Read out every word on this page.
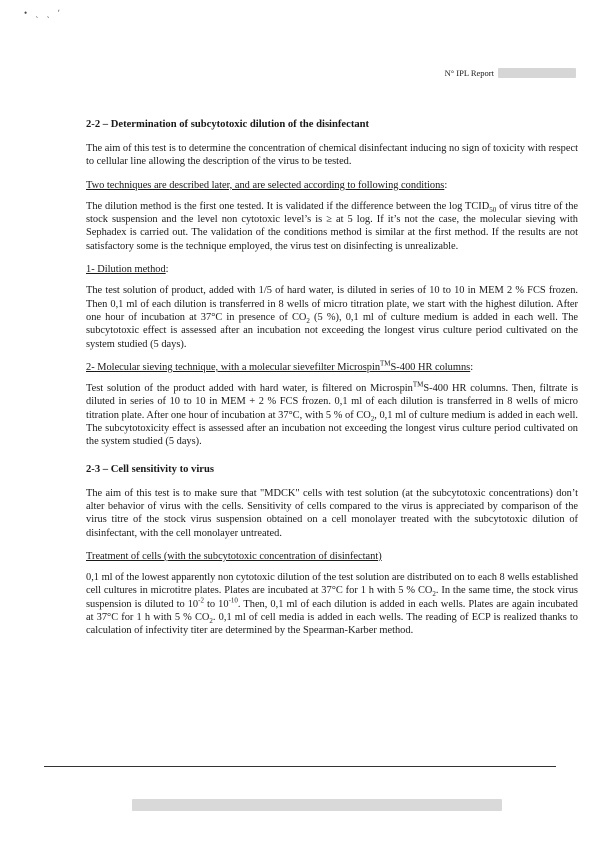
• ˏ ˏ ʹ
N° IPL Report
2-2 – Determination of subcytotoxic dilution of the disinfectant

The aim of this test is to determine the concentration of chemical disinfectant inducing no sign of toxicity with respect to cellular line allowing the description of the virus to be tested.

Two techniques are described later, and are selected according to following conditions:

The dilution method is the first one tested. It is validated if the difference between the $\log TCID_{50}$ of virus titre of the stock suspension and the level non cytotoxic level’s is ≥ at 5 log. If it’s not the case, the molecular sieving with Sephadex is carried out. The validation of the conditions method is similar at the first method. If the results are not satisfactory some is the technique employed, the virus test on disinfecting is unrealizable.

1- Dilution method:

The test solution of product, added with 1/5 of hard water, is diluted in series of 10 to 10 in MEM 2 % FCS frozen. Then 0,1 ml of each dilution is transferred in 8 wells of micro titration plate, we start with the highest dilution. After one hour of incubation at 37°C in presence of $CO_2$ (5 %), 0,1 ml of culture medium is added in each well. The subcytotoxic effect is assessed after an incubation not exceeding the longest virus culture period cultivated on the system studied (5 days).

2- Molecular sieving technique, with a molecular sievefilter Microspin™S-400 HR columns:

Test solution of the product added with hard water, is filtered on Microspin™S-400 HR columns. Then, filtrate is diluted in series of 10 to 10 in MEM + 2 % FCS frozen. 0,1 ml of each dilution is transferred in 8 wells of micro titration plate. After one hour of incubation at 37°C, with 5 % of $CO_2$, 0,1 ml of culture medium is added in each well. The subcytotoxicity effect is assessed after an incubation not exceeding the longest virus culture period cultivated on the system studied (5 days).

2-3 – Cell sensitivity to virus

The aim of this test is to make sure that "MDCK" cells with test solution (at the subcytotoxic concentrations) don’t alter behavior of virus with the cells. Sensitivity of cells compared to the virus is appreciated by comparison of the virus titre of the stock virus suspension obtained on a cell monolayer treated with the subcytotoxic dilution of disinfectant, with the cell monolayer untreated.

Treatment of cells (with the subcytotoxic concentration of disinfectant)

0,1 ml of the lowest apparently non cytotoxic dilution of the test solution are distributed on to each 8 wells established cell cultures in microtitre plates. Plates are incubated at 37°C for 1 h with 5 % $CO_2$. In the same time, the stock virus suspension is diluted to $10^{-2}$ to $10^{-10}$. Then, 0,1 ml of each dilution is added in each wells. Plates are again incubated at 37°C for 1 h with 5 % $CO_2$. 0,1 ml of cell media is added in each wells. The reading of ECP is realized thanks to calculation of infectivity titer are determined by the Spearman-Karber method.
